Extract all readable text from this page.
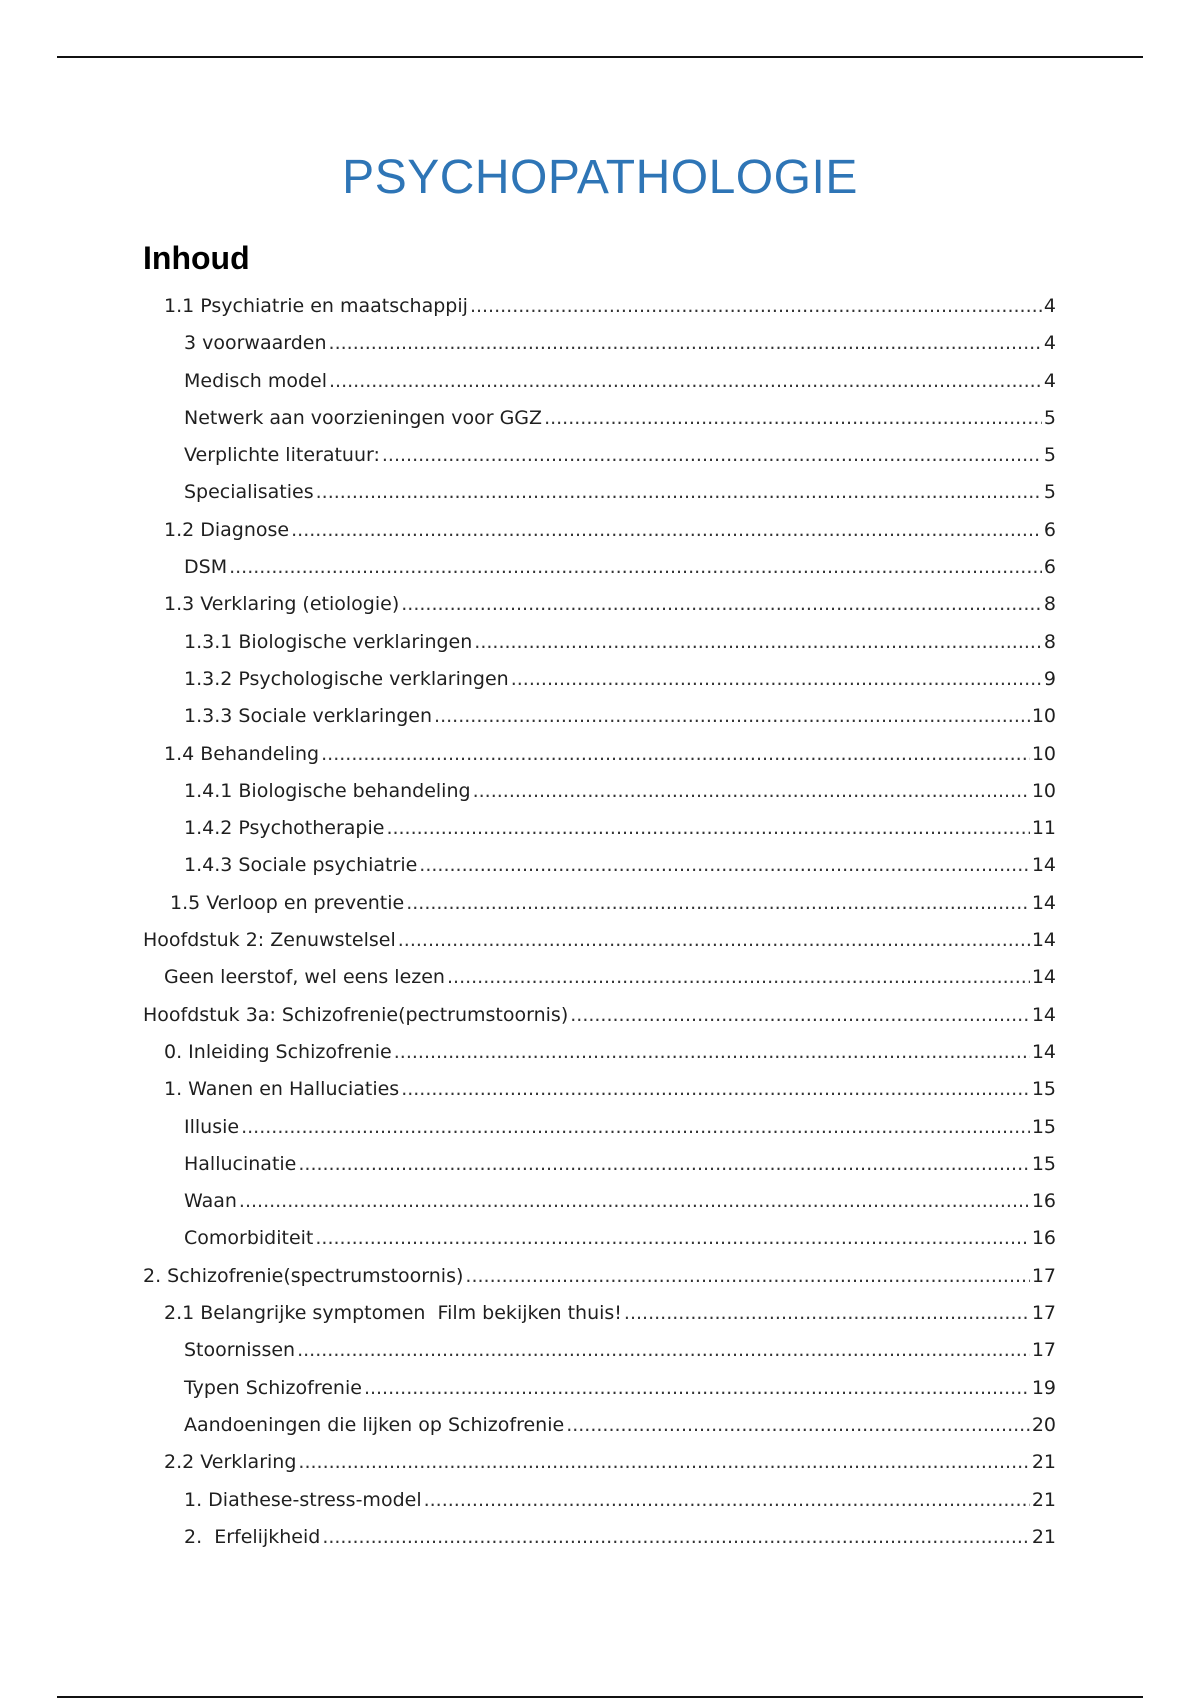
PSYCHOPATHOLOGIE
Inhoud
1.1 Psychiatrie en maatschappij .....	4
3 voorwaarden .....	4
Medisch model .....	4
Netwerk aan voorzieningen voor GGZ .....	5
Verplichte literatuur: .....	5
Specialisaties .....	5
1.2 Diagnose .....	6
DSM .....	6
1.3 Verklaring (etiologie) .....	8
1.3.1 Biologische verklaringen .....	8
1.3.2 Psychologische verklaringen .....	9
1.3.3 Sociale verklaringen .....	10
1.4 Behandeling .....	10
1.4.1 Biologische behandeling .....	10
1.4.2 Psychotherapie .....	11
1.4.3 Sociale psychiatrie .....	14
1.5 Verloop en preventie .....	14
Hoofdstuk 2: Zenuwstelsel .....	14
Geen leerstof, wel eens lezen .....	14
Hoofdstuk 3a: Schizofrenie(pectrumstoornis) .....	14
0. Inleiding Schizofrenie .....	14
1. Wanen en Halluciaties .....	15
Illusie .....	15
Hallucinatie .....	15
Waan .....	16
Comorbiditeit .....	16
2. Schizofrenie(spectrumstoornis) .....	17
2.1 Belangrijke symptomen  Film bekijken thuis! .....	17
Stoornissen .....	17
Typen Schizofrenie .....	19
Aandoeningen die lijken op Schizofrenie .....	20
2.2 Verklaring .....	21
1. Diathese-stress-model .....	21
2.  Erfelijkheid .....	21
